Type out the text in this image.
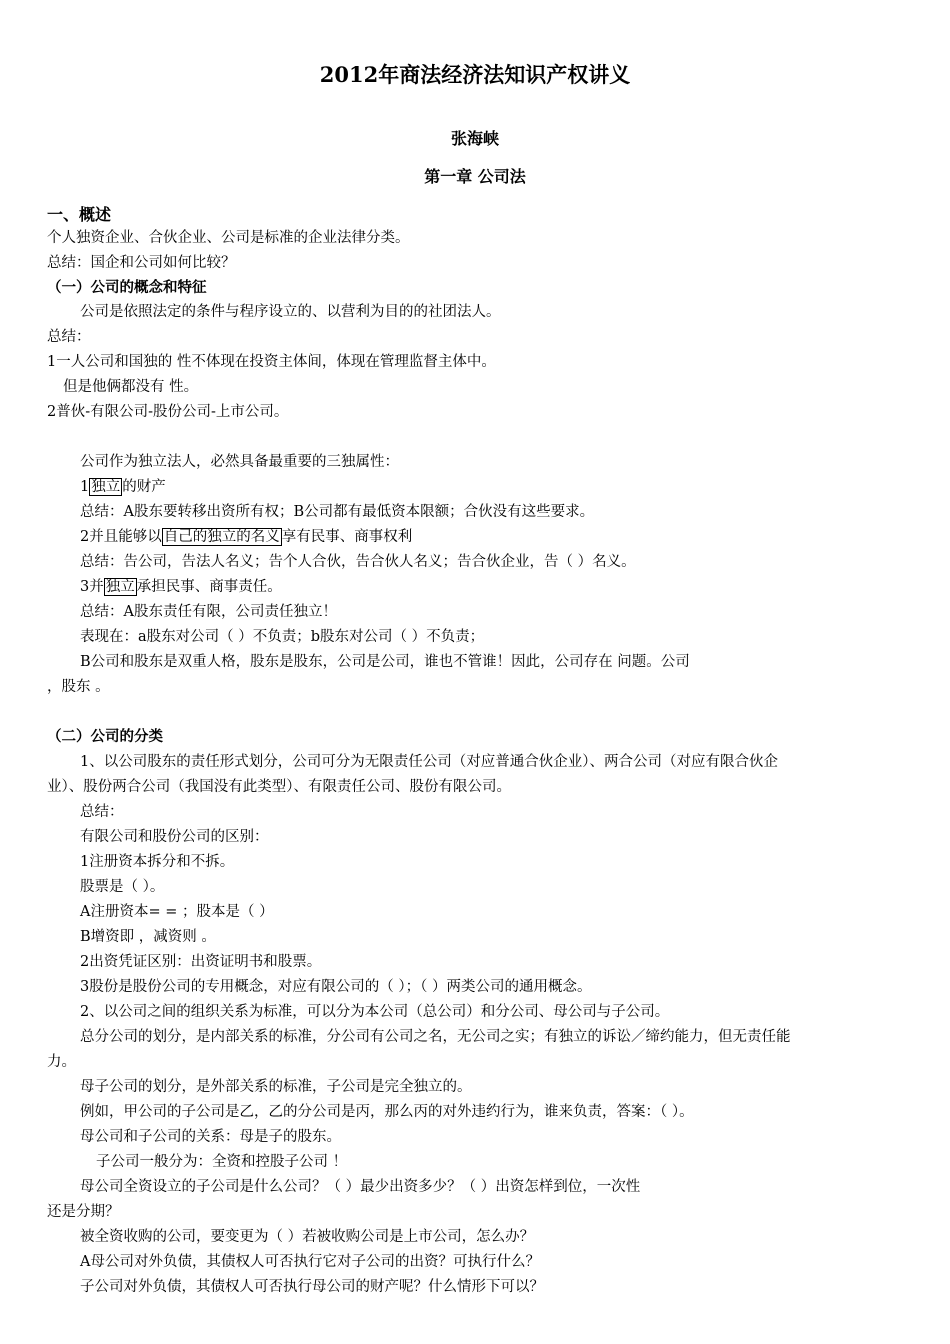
2012年商法经济法知识产权讲义
张海峡
第一章 公司法
一、概述
个人独资企业、合伙企业、公司是标准的企业法律分类。
总结：国企和公司如何比较？
（一）公司的概念和特征
公司是依照法定的条件与程序设立的、以营利为目的的社团法人。
总结：
1一人公司和国独的 性不体现在投资主体间，体现在管理监督主体中。
但是他俩都没有 性。
2普伙-有限公司-股份公司-上市公司。
公司作为独立法人，必然具备最重要的三独属性：
1 独立 的财产
总结：A股东要转移出资所有权；B公司都有最低资本限额；合伙没有这些要求。
2并且能够以 自己的独立的名义 享有民事、商事权利
总结：告公司，告法人名义；告个人合伙，告合伙人名义；告合伙企业，告（ ）名义。
3并 独立 承担民事、商事责任。
总结：A股东责任有限，公司责任独立！
表现在：a股东对公司（ ）不负责；b股东对公司（ ）不负责；
B公司和股东是双重人格，股东是股东，公司是公司，谁也不管谁！因此，公司存在 问题。公司
，股东 。
（二）公司的分类
1、以公司股东的责任形式划分，公司可分为无限责任公司（对应普通合伙企业）、两合公司（对应有限合伙企
业）、股份两合公司（我国没有此类型）、有限责任公司、股份有限公司。
总结：
有限公司和股份公司的区别：
1注册资本拆分和不拆。
股票是（ ）。
A注册资本= = ；股本是（ ）
B增资即 ，减资则 。
2出资凭证区别：出资证明书和股票。
3股份是股份公司的专用概念，对应有限公司的（ ）；（ ）两类公司的通用概念。
2、以公司之间的组织关系为标准，可以分为本公司（总公司）和分公司、母公司与子公司。
总分公司的划分，是内部关系的标准，分公司有公司之名，无公司之实；有独立的诉讼／缔约能力，但无责任能
力。
母子公司的划分，是外部关系的标准，子公司是完全独立的。
例如，甲公司的子公司是乙，乙的分公司是丙，那么丙的对外违约行为，谁来负责，答案：（ ）。
母公司和子公司的关系：母是子的股东。
子公司一般分为：全资和控股子公司 ！
母公司全资设立的子公司是什么公司？（ ）最少出资多少？（ ）出资怎样到位，一次性
还是分期？
被全资收购的公司，要变更为（ ）若被收购公司是上市公司，怎么办？
A母公司对外负债，其债权人可否执行它对子公司的出资？可执行什么？
子公司对外负债，其债权人可否执行母公司的财产呢？什么情形下可以？
